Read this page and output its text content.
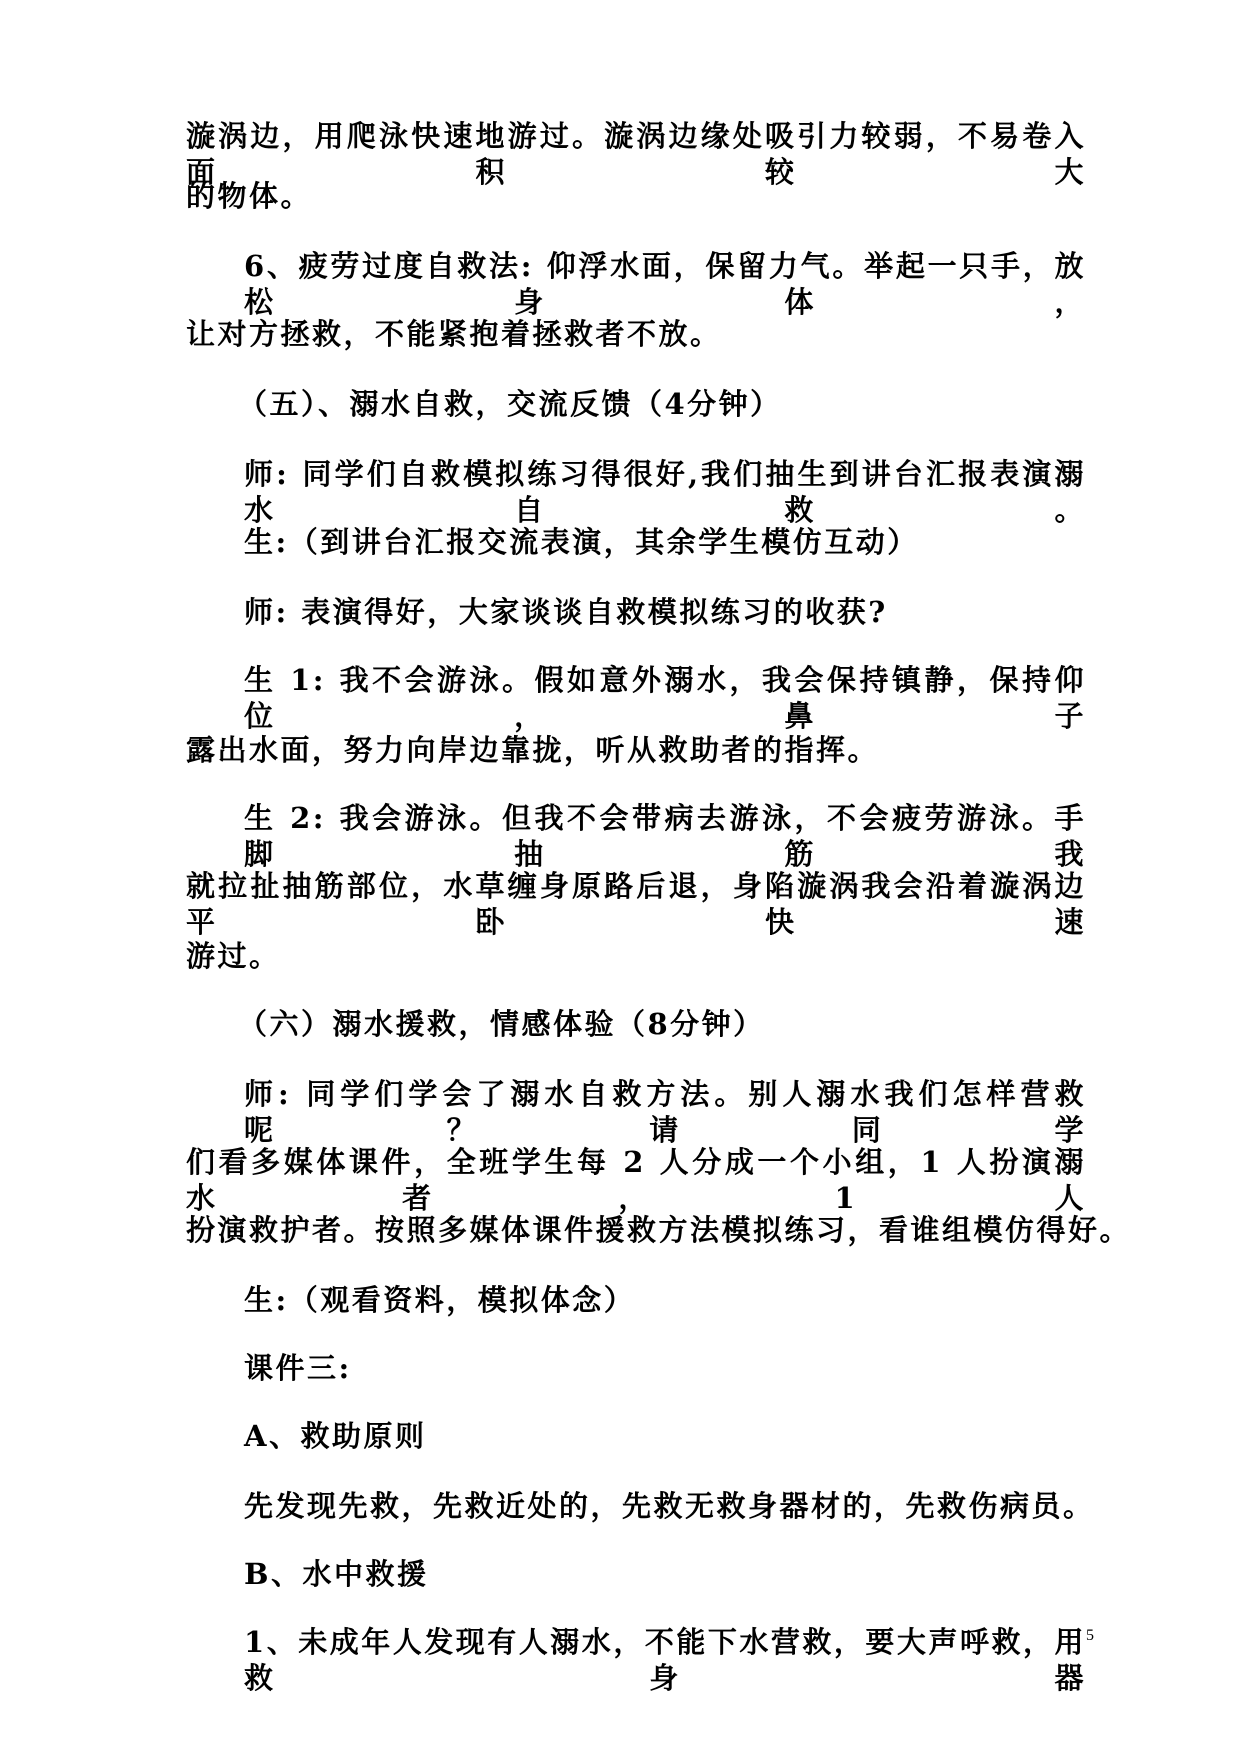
漩涡边，用爬泳快速地游过。漩涡边缘处吸引力较弱，不易卷入面积较大
的物体。
6、疲劳过度自救法: 仰浮水面，保留力气。举起一只手，放松身体，
让对方拯救，不能紧抱着拯救者不放。
（五）、溺水自救，交流反馈（4分钟）
师: 同学们自救模拟练习得很好,我们抽生到讲台汇报表演溺水自救。
生:（到讲台汇报交流表演，其余学生模仿互动）
师: 表演得好，大家谈谈自救模拟练习的收获?
生 1: 我不会游泳。假如意外溺水，我会保持镇静，保持仰位，鼻子
露出水面，努力向岸边靠拢，听从救助者的指挥。
生 2: 我会游泳。但我不会带病去游泳，不会疲劳游泳。手脚抽筋我
就拉扯抽筋部位，水草缠身原路后退，身陷漩涡我会沿着漩涡边平卧快速
游过。
（六）溺水援救，情感体验（8分钟）
师: 同学们学会了溺水自救方法。别人溺水我们怎样营救呢？请同学
们看多媒体课件，全班学生每 2 人分成一个小组，1 人扮演溺水者，1 人
扮演救护者。按照多媒体课件援救方法模拟练习，看谁组模仿得好。
生:（观看资料，模拟体念）
课件三:
A、救助原则
先发现先救，先救近处的，先救无救身器材的，先救伤病员。
B、水中救援
1、未成年人发现有人溺水，不能下水营救，要大声呼救，用救身器
5
